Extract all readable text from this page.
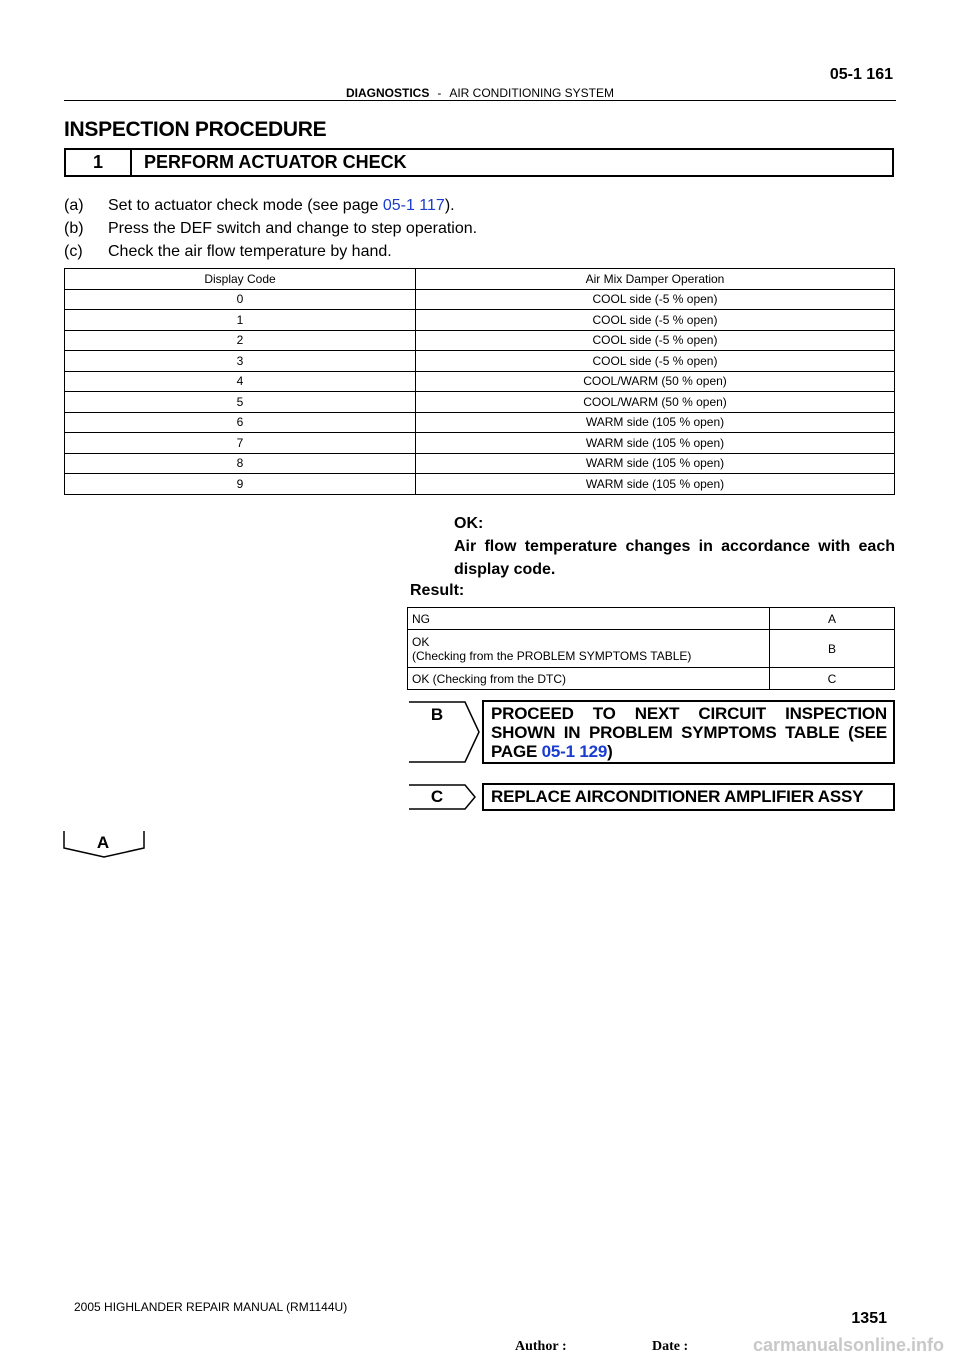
05-1 161
DIAGNOSTICS - AIR CONDITIONING SYSTEM
INSPECTION PROCEDURE
1	PERFORM ACTUATOR CHECK
(a)	Set to actuator check mode (see page 05-1 117).
(b)	Press the DEF switch and change to step operation.
(c)	Check the air flow temperature by hand.
Display Code	Air Mix Damper Operation
0	COOL side (-5 % open)
1	COOL side (-5 % open)
2	COOL side (-5 % open)
3	COOL side (-5 % open)
4	COOL/WARM (50 % open)
5	COOL/WARM (50 % open)
6	WARM side (105 % open)
7	WARM side (105 % open)
8	WARM side (105 % open)
9	WARM side (105 % open)
OK:
Air flow temperature changes in accordance with each display code.
Result:
NG	A

OK
(Checking from the PROBLEM SYMPTOMS TABLE)	B
OK (Checking from the DTC)	C
B	PROCEED TO NEXT CIRCUIT INSPECTION SHOWN IN PROBLEM SYMPTOMS TABLE (SEE PAGE 05-1 129)
C	REPLACE AIRCONDITIONER AMPLIFIER ASSY
A
2005 HIGHLANDER REPAIR MANUAL (RM1144U)
1351
Author :	Date :	carmanualsonline.info
